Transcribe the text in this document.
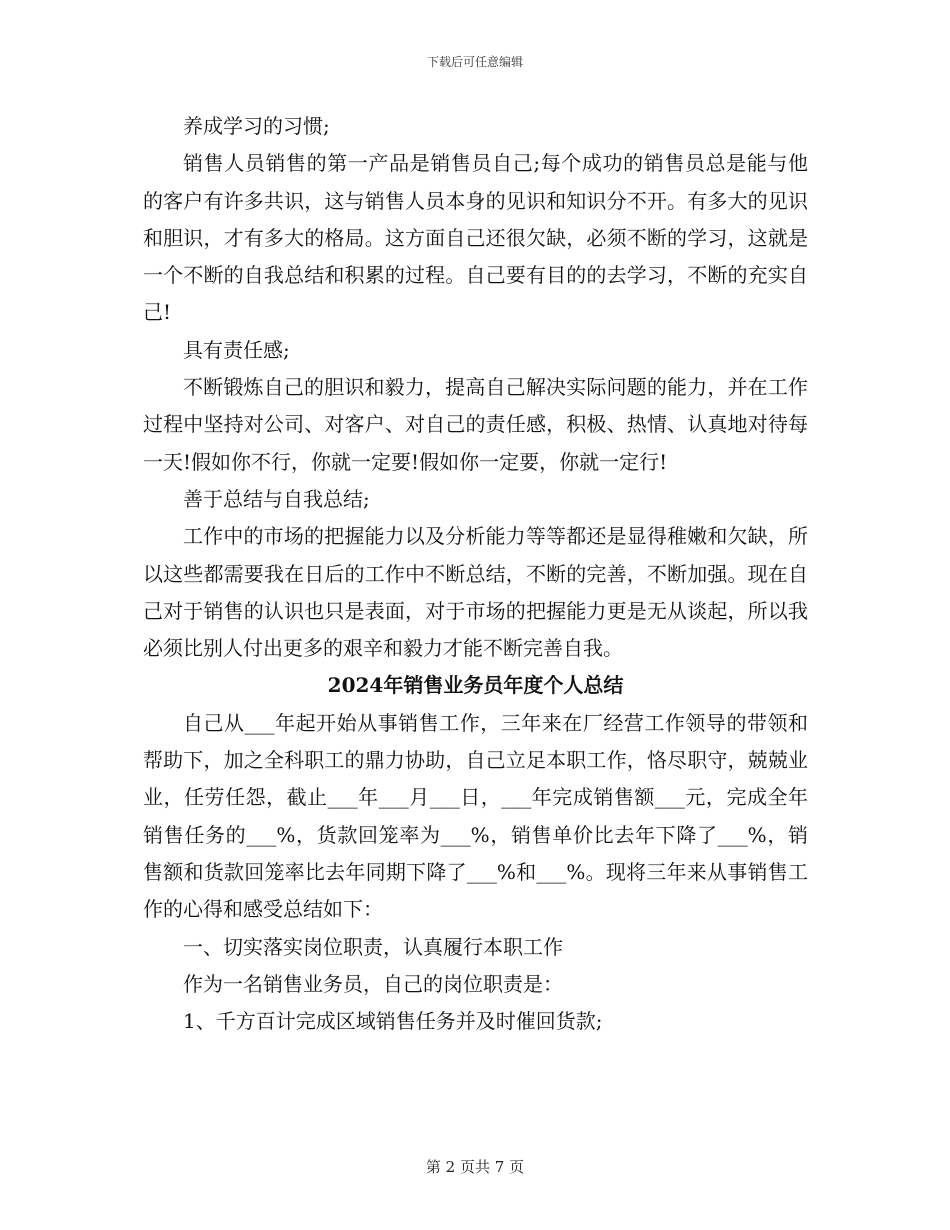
下载后可任意编辑

养成学习的习惯;

销售人员销售的第一产品是销售员自己;每个成功的销售员总是能与他的客户有许多共识，这与销售人员本身的见识和知识分不开。有多大的见识和胆识，才有多大的格局。这方面自己还很欠缺，必须不断的学习，这就是一个不断的自我总结和积累的过程。自己要有目的的去学习，不断的充实自己!

具有责任感;

不断锻炼自己的胆识和毅力，提高自己解决实际问题的能力，并在工作过程中坚持对公司、对客户、对自己的责任感，积极、热情、认真地对待每一天!假如你不行，你就一定要!假如你一定要，你就一定行!

善于总结与自我总结;

工作中的市场的把握能力以及分析能力等等都还是显得稚嫩和欠缺，所以这些都需要我在日后的工作中不断总结，不断的完善，不断加强。现在自己对于销售的认识也只是表面，对于市场的把握能力更是无从谈起，所以我必须比别人付出更多的艰辛和毅力才能不断完善自我。

2024年销售业务员年度个人总结

自己从___年起开始从事销售工作，三年来在厂经营工作领导的带领和帮助下，加之全科职工的鼎力协助，自己立足本职工作，恪尽职守，兢兢业业，任劳任怨，截止___年___月___日，___年完成销售额___元，完成全年销售任务的___%，货款回笼率为___%，销售单价比去年下降了___%，销售额和货款回笼率比去年同期下降了___%和___%。现将三年来从事销售工作的心得和感受总结如下：

一、切实落实岗位职责，认真履行本职工作

作为一名销售业务员，自己的岗位职责是：

1、千方百计完成区域销售任务并及时催回货款;

第 2 页共 7 页
